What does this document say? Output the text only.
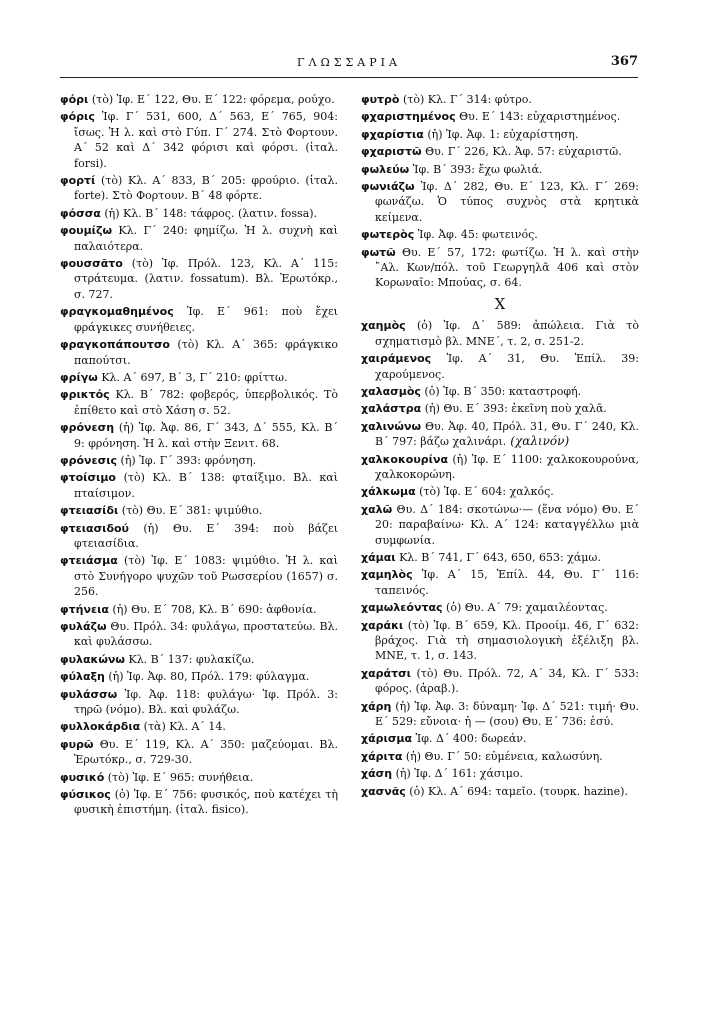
ΓΛΩΣΣΑΡΙΑ	367
φόρι (τὸ) Ἰφ. Ε΄ 122, Θυ. Ε΄ 122: φόρεμα, ρούχο.
φόρις Ἰφ. Γ΄ 531, 600, Δ΄ 563, Ε΄ 765, 904: ἴσως. Ἡ λ. καὶ στὸ Γύπ. Γ΄ 274. Στὸ Φορτουν. Α΄ 52 καὶ Δ΄ 342 φόρισι καὶ φόρσι. (ἰταλ. forsi).
φορτί (τὸ) Κλ. Α΄ 833, Β΄ 205: φρούριο. (ἰταλ. forte). Στὸ Φορτουν. Β΄ 48 φόρτε.
φόσσα (ἡ) Κλ. Β΄ 148: τάφρος. (λατιν. fossa).
φουμίζω Κλ. Γ΄ 240: φημίζω. Ἡ λ. συχνὴ καὶ παλαιότερα.
φουσσᾶτο (τὸ) Ἰφ. Πρόλ. 123, Κλ. Α΄ 115: στράτευμα. (λατιν. fossatum). Βλ. Ἐρωτόκρ., σ. 727.
φραγκομαθημένος Ἰφ. Ε΄ 961: ποὺ ἔχει φράγκικες συνήθειες.
φραγκοπάπουτσο (τὸ) Κλ. Α΄ 365: φράγκικο παπούτσι.
φρίγω Κλ. Α΄ 697, Β΄ 3, Γ΄ 210: φρίττω.
φρικτός Κλ. Β΄ 782: φοβερός, ὑπερβολικός. Τὸ ἐπίθετο καὶ στὸ Χάση σ. 52.
φρόνεση (ἡ) Ἰφ. Ἀφ. 86, Γ΄ 343, Δ΄ 555, Κλ. Β΄ 9: φρόνηση. Ἡ λ. καὶ στὴν Ξενιτ. 68.
φρόνεσις (ἡ) Ἰφ. Γ΄ 393: φρόνηση.
φτοίσιμο (τὸ) Κλ. Β΄ 138: φταίξιμο. Βλ. καὶ πταίσιμον.
φτειασίδι (τὸ) Θυ. Ε΄ 381: ψιμύθιο.
φτειασιδού (ἡ) Θυ. Ε΄ 394: ποὺ βάζει φτειασίδια.
φτειάσμα (τὸ) Ἰφ. Ε΄ 1083: ψιμύθιο. Ἡ λ. καὶ στὸ Συνήγορο ψυχῶν τοῦ Ρωσσερίου (1657) σ. 256.
φτήνεια (ἡ) Θυ. Ε΄ 708, Κλ. Β΄ 690: ἀφθονία.
φυλάζω Θυ. Πρόλ. 34: φυλάγω, προστατεύω. Βλ. καὶ φυλάσσω.
φυλακώνω Κλ. Β΄ 137: φυλακίζω.
φύλαξη (ἡ) Ἰφ. Ἀφ. 80, Πρόλ. 179: φύλαγμα.
φυλάσσω Ἰφ. Ἀφ. 118: φυλάγω· Ἰφ. Πρόλ. 3: τηρῶ (νόμο). Βλ. καὶ φυλάζω.
φυλλοκάρδια (τὰ) Κλ. Α΄ 14.
φυρῶ Θυ. Ε΄ 119, Κλ. Α΄ 350: μαζεύομαι. Βλ. Ἐρωτόκρ., σ. 729-30.
φυσικό (τὸ) Ἰφ. Ε΄ 965: συνήθεια.
φύσικος (ὁ) Ἰφ. Ε΄ 756: φυσικός, ποὺ κατέχει τὴ φυσικὴ ἐπιστήμη. (ἰταλ. fisico).
φυτρὸ (τὸ) Κλ. Γ΄ 314: φύτρο.
φχαριστημένος Θυ. Ε΄ 143: εὐχαριστημένος.
φχαρίστια (ἡ) Ἰφ. Ἀφ. 1: εὐχαρίστηση.
φχαριστῶ Θυ. Γ΄ 226, Κλ. Ἀφ. 57: εὐχαριστῶ.
φωλεύω Ἰφ. Β΄ 393: ἔχω φωλιά.
φωνιάζω Ἰφ. Δ΄ 282, Θυ. Ε΄ 123, Κλ. Γ΄ 269: φωνάζω. Ὁ τύπος συχνὸς στὰ κρητικὰ κείμενα.
φωτερὸς Ἰφ. Ἀφ. 45: φωτεινός.
φωτῶ Θυ. Ε΄ 57, 172: φωτίζω. Ἡ λ. καὶ στὴν ῎Αλ. Κων/πόλ. τοῦ Γεωργηλᾶ 406 καὶ στὸν Κορωναῖο: Μπούας, σ. 64.
Χ
χαημὸς (ὁ) Ἰφ. Δ΄ 589: ἀπώλεια. Γιὰ τὸ σχηματισμὸ βλ. ΜΝΕ΄, τ. 2, σ. 251-2.
χαιράμενος Ἰφ. Α΄ 31, Θυ. Ἐπίλ. 39: χαρούμενος.
χαλασμὸς (ὁ) Ἰφ. Β΄ 350: καταστροφή.
χαλάστρα (ἡ) Θυ. Ε΄ 393: ἐκεῖνη ποὺ χαλᾶ.
χαλινώνω Θυ. Ἀφ. 40, Πρόλ. 31, Θυ. Γ΄ 240, Κλ. Β΄ 797: βάζω χαλινάρι. (χαλινόν)
χαλκοκουρίνα (ἡ) Ἰφ. Ε΄ 1100: χαλκοκουρούνα, χαλκοκορώνη.
χάλκωμα (τὸ) Ἰφ. Ε΄ 604: χαλκός.
χαλῶ Θυ. Δ΄ 184: σκοτώνω·— (ἕνα νόμο) Θυ. Ε΄ 20: παραβαίνω· Κλ. Α΄ 124: καταγγέλλω μιὰ συμφωνία.
χάμαι Κλ. Β΄ 741, Γ΄ 643, 650, 653: χάμω.
χαμηλὸς Ἰφ. Α΄ 15, Ἐπίλ. 44, Θυ. Γ΄ 116: ταπεινός.
χαμωλεόντας (ὁ) Θυ. Α΄ 79: χαμαιλέοντας.
χαράκι (τὸ) Ἰφ. Β΄ 659, Κλ. Προοίμ. 46, Γ΄ 632: βράχος. Γιὰ τὴ σημασιολογικὴ ἐξέλιξη βλ. ΜΝΕ, τ. 1, σ. 143.
χαράτσι (τὸ) Θυ. Πρόλ. 72, Α΄ 34, Κλ. Γ΄ 533: φόρος. (ἀραβ.).
χάρη (ἡ) Ἰφ. Ἀφ. 3: δύναμη· Ἰφ. Δ΄ 521: τιμή· Θυ. Ε΄ 529: εὔνοια· ἡ — (σου) Θυ. Ε΄ 736: ἐσύ.
χάρισμα Ἰφ. Δ΄ 400: δωρεάν.
χάριτα (ἡ) Θυ. Γ΄ 50: εὐμένεια, καλωσύνη.
χάση (ἡ) Ἰφ. Δ΄ 161: χάσιμο.
χασνᾶς (ὁ) Κλ. Α΄ 694: ταμεῖο. (τουρκ. hazine).
